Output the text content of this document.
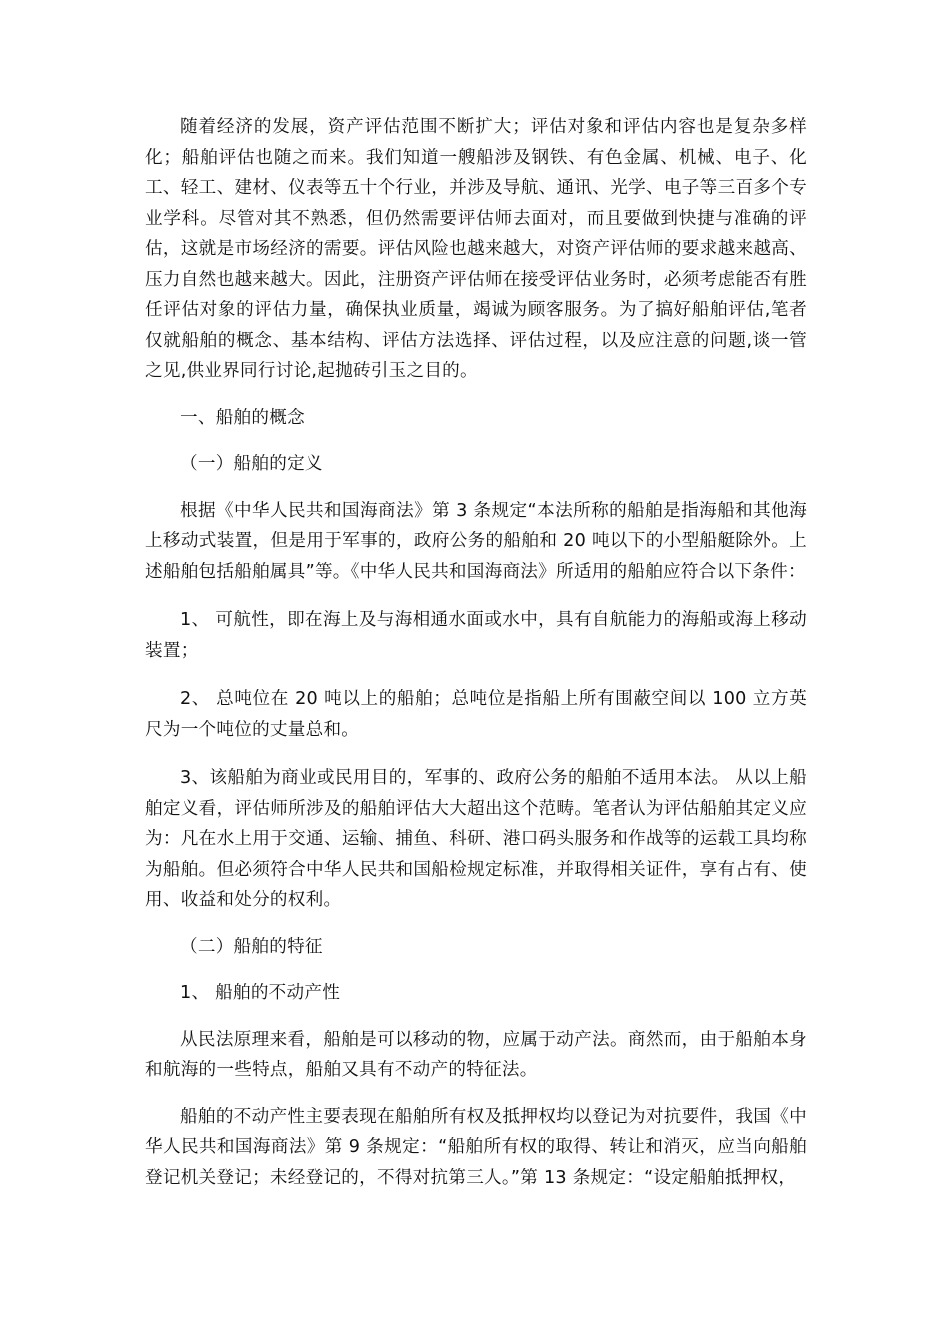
随着经济的发展，资产评估范围不断扩大；评估对象和评估内容也是复杂多样化；船舶评估也随之而来。我们知道一艘船涉及钢铁、有色金属、机械、电子、化工、轻工、建材、仪表等五十个行业，并涉及导航、通讯、光学、电子等三百多个专业学科。尽管对其不熟悉，但仍然需要评估师去面对，而且要做到快捷与准确的评估，这就是市场经济的需要。评估风险也越来越大，对资产评估师的要求越来越高、压力自然也越来越大。因此，注册资产评估师在接受评估业务时，必须考虑能否有胜任评估对象的评估力量，确保执业质量，竭诚为顾客服务。为了搞好船舶评估,笔者仅就船舶的概念、基本结构、评估方法选择、评估过程，以及应注意的问题,谈一管之见,供业界同行讨论,起抛砖引玉之目的。

一、船舶的概念

（一）船舶的定义

根据《中华人民共和国海商法》第 3 条规定“本法所称的船舶是指海船和其他海上移动式装置，但是用于军事的，政府公务的船舶和 20 吨以下的小型船艇除外。上述船舶包括船舶属具”等。《中华人民共和国海商法》所适用的船舶应符合以下条件：

1、 可航性，即在海上及与海相通水面或水中，具有自航能力的海船或海上移动装置；

2、 总吨位在 20 吨以上的船舶；总吨位是指船上所有围蔽空间以 100 立方英尺为一个吨位的丈量总和。

3、该船舶为商业或民用目的，军事的、政府公务的船舶不适用本法。 从以上船舶定义看，评估师所涉及的船舶评估大大超出这个范畴。笔者认为评估船舶其定义应为：凡在水上用于交通、运输、捕鱼、科研、港口码头服务和作战等的运载工具均称为船舶。但必须符合中华人民共和国船检规定标准，并取得相关证件，享有占有、使用、收益和处分的权利。

（二）船舶的特征

1、 船舶的不动产性

从民法原理来看，船舶是可以移动的物，应属于动产法。商然而，由于船舶本身和航海的一些特点，船舶又具有不动产的特征法。

船舶的不动产性主要表现在船舶所有权及抵押权均以登记为对抗要件，我国《中华人民共和国海商法》第 9 条规定：“船舶所有权的取得、转让和消灭，应当向船舶登记机关登记；未经登记的，不得对抗第三人。”第 13 条规定：“设定船舶抵押权，
